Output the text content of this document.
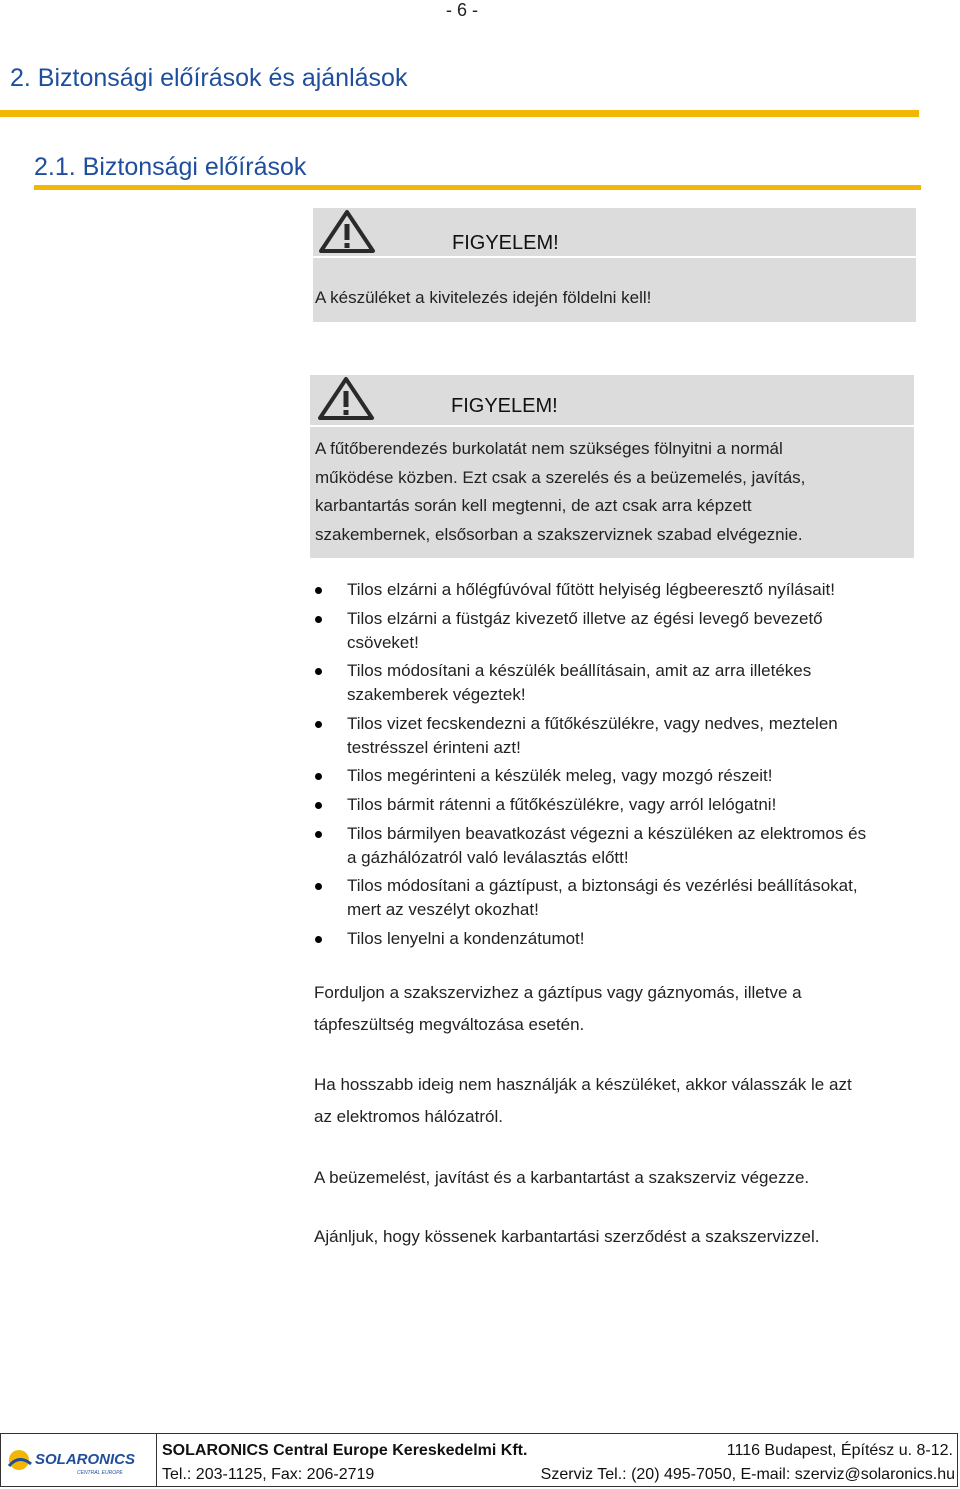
- 6 -
2. Biztonsági előírások és ajánlások
2.1. Biztonsági előírások
FIGYELEM!
A készüléket a kivitelezés idején földelni kell!
FIGYELEM!
A fűtőberendezés burkolatát nem szükséges fölnyitni a normál
működése közben. Ezt csak a szerelés és a beüzemelés, javítás,
karbantartás során kell megtenni, de azt csak arra képzett
szakembernek, elsősorban a szakszerviznek szabad elvégeznie.
Tilos elzárni a hőlégfúvóval fűtött helyiség légbeeresztő nyílásait!
Tilos elzárni a füstgáz kivezető illetve az égési levegő bevezető
csöveket!
Tilos módosítani a készülék beállításain, amit az arra illetékes
szakemberek végeztek!
Tilos vizet fecskendezni a fűtőkészülékre, vagy nedves, meztelen
testrésszel érinteni azt!
Tilos megérinteni a készülék meleg, vagy mozgó részeit!
Tilos bármit rátenni a fűtőkészülékre, vagy arról lelógatni!
Tilos bármilyen beavatkozást végezni a készüléken az elektromos és
a gázhálózatról való leválasztás előtt!
Tilos módosítani a gáztípust, a biztonsági és vezérlési beállításokat,
mert az veszélyt okozhat!
Tilos lenyelni a kondenzátumot!
Forduljon a szakszervizhez a gáztípus vagy gáznyomás, illetve a
tápfeszültség megváltozása esetén.
Ha hosszabb ideig nem használják a készüléket, akkor válasszák le azt
az elektromos hálózatról.
A beüzemelést, javítást és a karbantartást a szakszerviz végezze.
Ajánljuk, hogy kössenek karbantartási szerződést a szakszervizzel.
SOLARONICS
CENTRAL EUROPE
SOLARONICS Central Europe Kereskedelmi Kft.	1116 Budapest, Építész u. 8-12.
Tel.: 203-1125, Fax: 206-2719	Szerviz Tel.: (20) 495-7050, E-mail: szerviz@solaronics.hu
